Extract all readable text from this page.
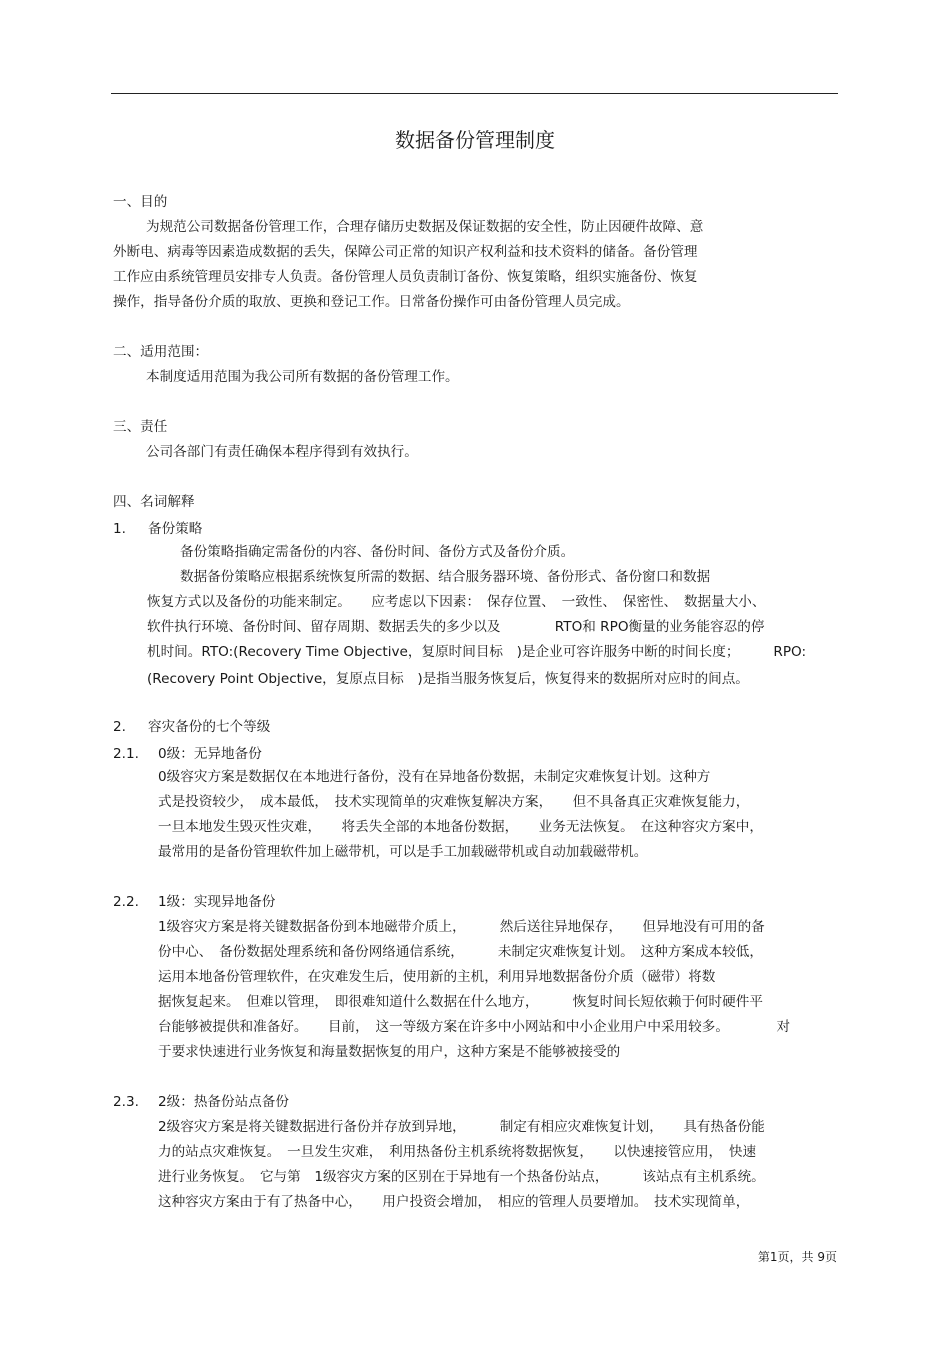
数据备份管理制度
一、目的
为规范公司数据备份管理工作，合理存储历史数据及保证数据的安全性，防止因硬件故障、意
外断电、病毒等因素造成数据的丢失，保障公司正常的知识产权利益和技术资料的储备。备份管理
工作应由系统管理员安排专人负责。备份管理人员负责制订备份、恢复策略，组织实施备份、恢复
操作，指导备份介质的取放、更换和登记工作。日常备份操作可由备份管理人员完成。
二、适用范围：
本制度适用范围为我公司所有数据的备份管理工作。
三、责任
公司各部门有责任确保本程序得到有效执行。
四、名词解释
1. 备份策略
备份策略指确定需备份的内容、备份时间、备份方式及备份介质。
数据备份策略应根据系统恢复所需的数据、结合服务器环境、备份形式、备份窗口和数据
恢复方式以及备份的功能来制定。　　应考虑以下因素：　保存位置、　一致性、　保密性、　数据量大小、
软件执行环境、备份时间、留存周期、数据丢失的多少以及　　　　RTO和 RPO衡量的业务能容忍的停
机时间。RTO:(Recovery Time Objective，复原时间目标　)是企业可容许服务中断的时间长度；　　　RPO:
(Recovery Point Objective，复原点目标　)是指当服务恢复后，恢复得来的数据所对应时的间点。
2. 容灾备份的七个等级
2.1. 0级：无异地备份
0级容灾方案是数据仅在本地进行备份，没有在异地备份数据，未制定灾难恢复计划。这种方
式是投资较少，　成本最低，　技术实现简单的灾难恢复解决方案，　　但不具备真正灾难恢复能力，
一旦本地发生毁灭性灾难，　　将丢失全部的本地备份数据，　　业务无法恢复。　在这种容灾方案中，
最常用的是备份管理软件加上磁带机，可以是手工加载磁带机或自动加载磁带机。
2.2. 1级：实现异地备份
1级容灾方案是将关键数据备份到本地磁带介质上，　　　然后送往异地保存，　　但异地没有可用的备
份中心、　备份数据处理系统和备份网络通信系统，　　　未制定灾难恢复计划。　这种方案成本较低，
运用本地备份管理软件，在灾难发生后，使用新的主机，利用异地数据备份介质（磁带）将数
据恢复起来。　但难以管理，　即很难知道什么数据在什么地方，　　　恢复时间长短依赖于何时硬件平
台能够被提供和准备好。　　目前，　这一等级方案在许多中小网站和中小企业用户中采用较多。　　　　对
于要求快速进行业务恢复和海量数据恢复的用户，这种方案是不能够被接受的
2.3. 2级：热备份站点备份
2级容灾方案是将关键数据进行备份并存放到异地，　　　制定有相应灾难恢复计划，　　具有热备份能
力的站点灾难恢复。　一旦发生灾难，　利用热备份主机系统将数据恢复，　　以快速接管应用，　快速
进行业务恢复。　它与第　1级容灾方案的区别在于异地有一个热备份站点，　　　该站点有主机系统。
这种容灾方案由于有了热备中心，　　用户投资会增加，　相应的管理人员要增加。　技术实现简单，
第1页，共 9页
